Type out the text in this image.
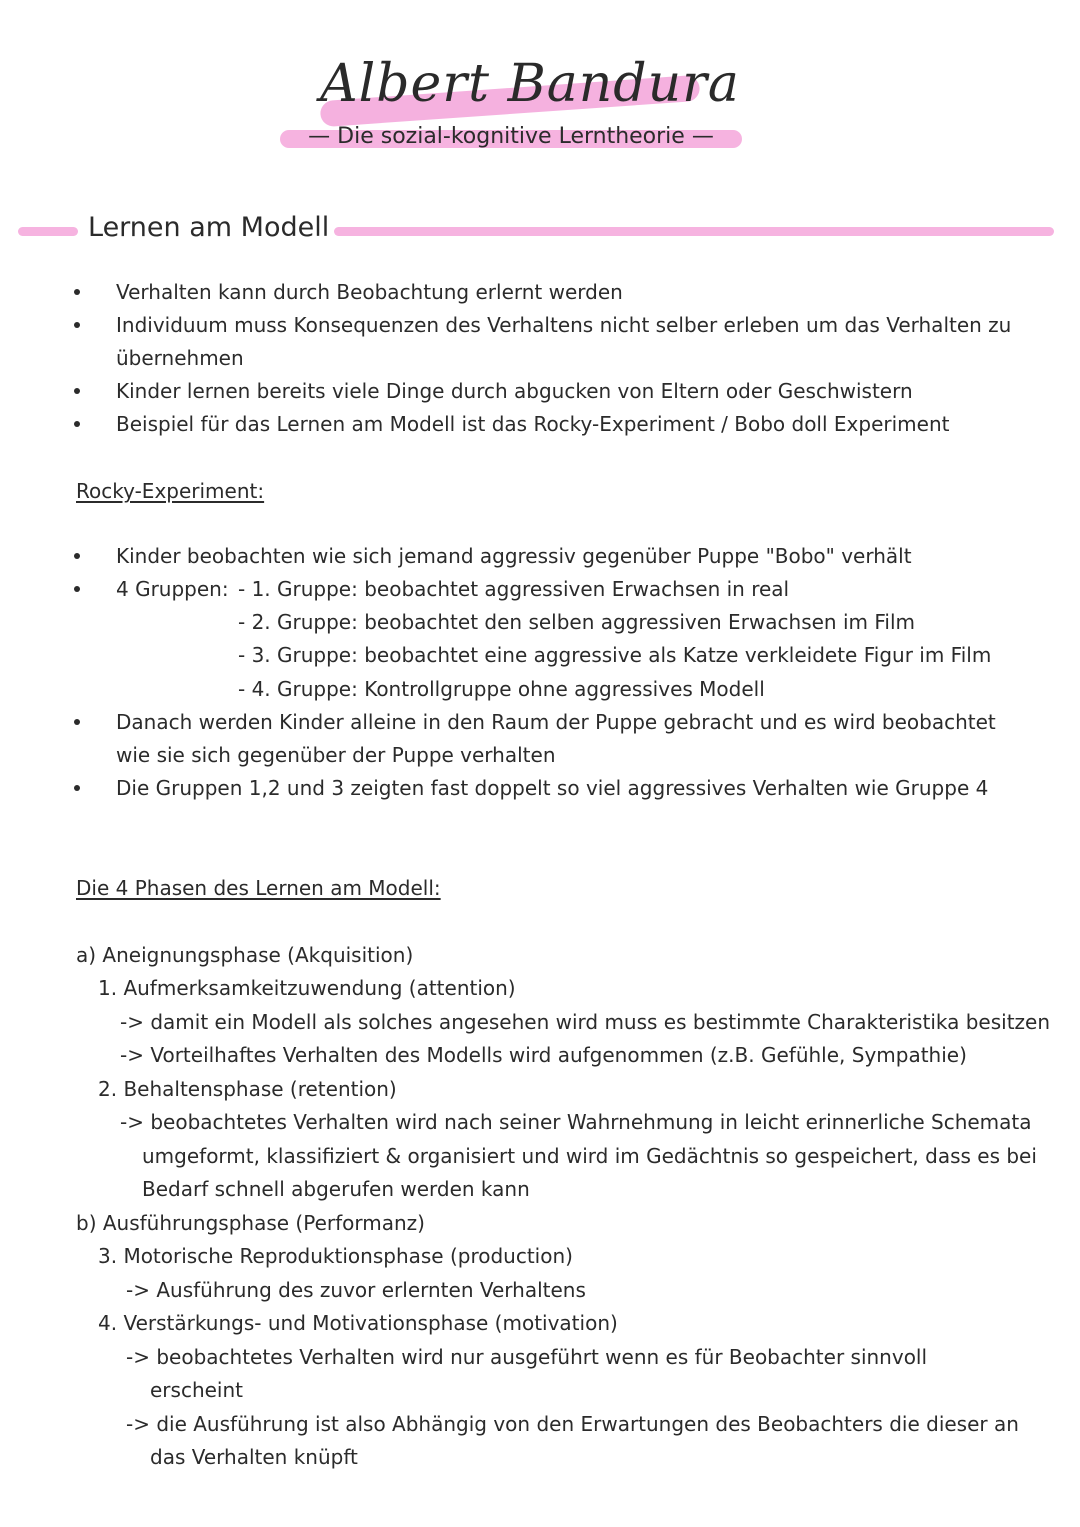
Albert Bandura
— Die sozial-kognitive Lerntheorie —
Lernen am Modell
Verhalten kann durch Beobachtung erlernt werden
Individuum muss Konsequenzen des Verhaltens nicht selber erleben um das Verhalten zu
übernehmen
Kinder lernen bereits viele Dinge durch abgucken von Eltern oder Geschwistern
Beispiel für das Lernen am Modell ist das Rocky-Experiment / Bobo doll Experiment
Rocky-Experiment:
Kinder beobachten wie sich jemand aggressiv gegenüber Puppe "Bobo" verhält
4 Gruppen: - 1. Gruppe: beobachtet aggressiven Erwachsen in real
- 2. Gruppe: beobachtet den selben aggressiven Erwachsen im Film
- 3. Gruppe: beobachtet eine aggressive als Katze verkleidete Figur im Film
- 4. Gruppe: Kontrollgruppe ohne aggressives Modell
Danach werden Kinder alleine in den Raum der Puppe gebracht und es wird beobachtet
wie sie sich gegenüber der Puppe verhalten
Die Gruppen 1,2 und 3 zeigten fast doppelt so viel aggressives Verhalten wie Gruppe 4
Die 4 Phasen des Lernen am Modell:
a) Aneignungsphase (Akquisition)
1. Aufmerksamkeitzuwendung (attention)
-> damit ein Modell als solches angesehen wird muss es bestimmte Charakteristika besitzen
-> Vorteilhaftes Verhalten des Modells wird aufgenommen (z.B. Gefühle, Sympathie)
2. Behaltensphase (retention)
-> beobachtetes Verhalten wird nach seiner Wahrnehmung in leicht erinnerliche Schemata
umgeformt, klassifiziert & organisiert und wird im Gedächtnis so gespeichert, dass es bei
Bedarf schnell abgerufen werden kann
b) Ausführungsphase (Performanz)
3. Motorische Reproduktionsphase (production)
-> Ausführung des zuvor erlernten Verhaltens
4. Verstärkungs- und Motivationsphase (motivation)
-> beobachtetes Verhalten wird nur ausgeführt wenn es für Beobachter sinnvoll
erscheint
-> die Ausführung ist also Abhängig von den Erwartungen des Beobachters die dieser an
das Verhalten knüpft
